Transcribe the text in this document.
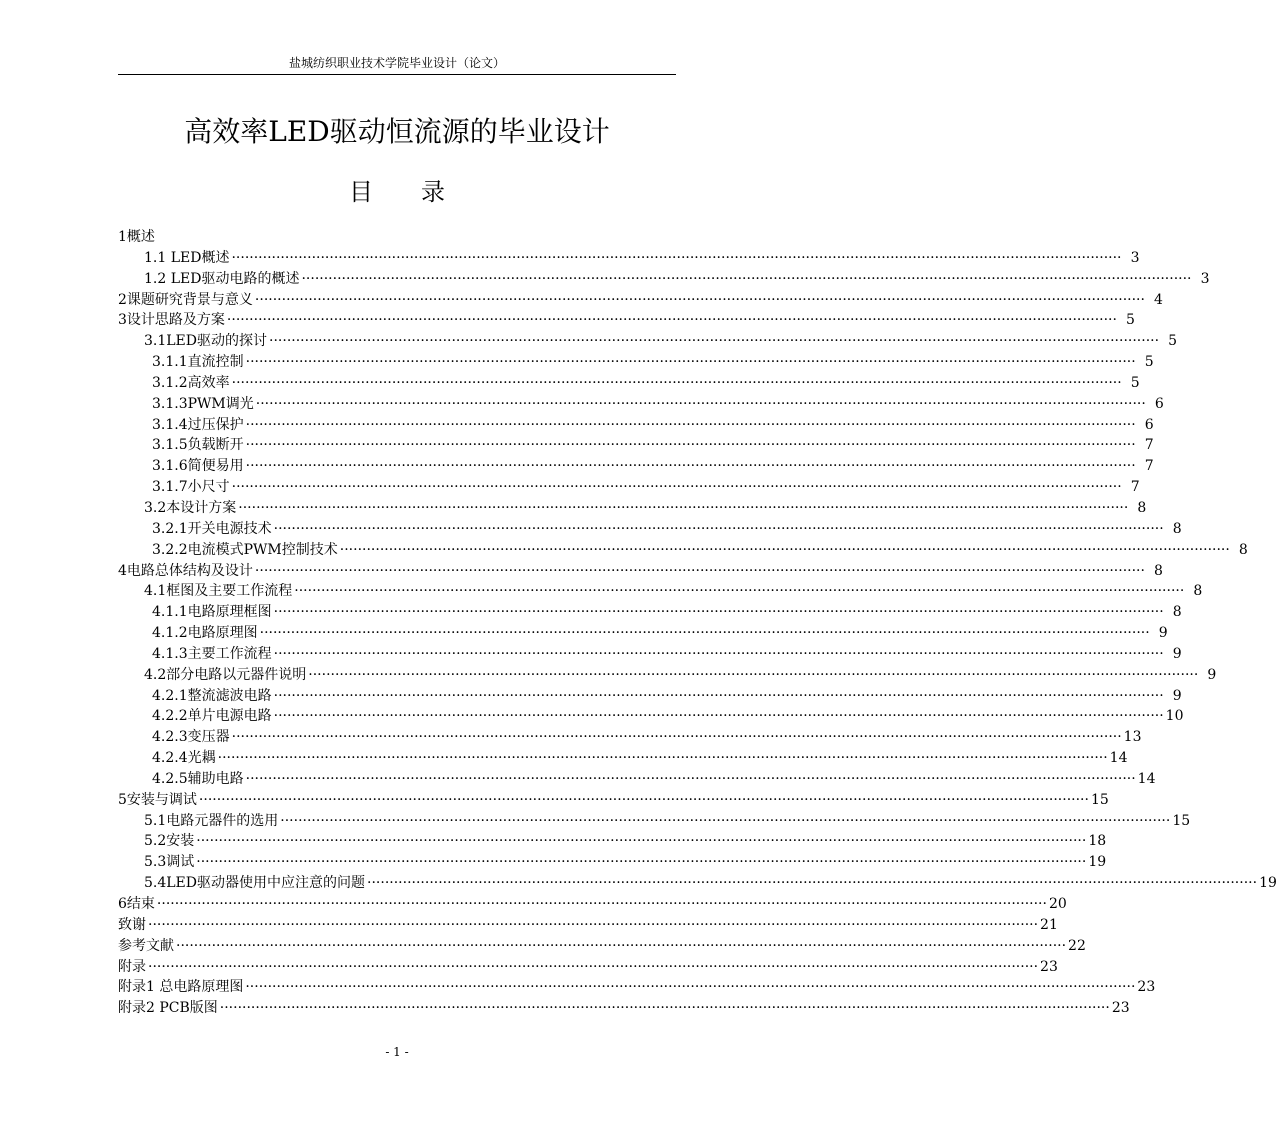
盐城纺织职业技术学院毕业设计（论文）
高效率LED驱动恒流源的毕业设计
目 录
1概述
1.1 LED概述 ········································································································································································································ 3
1.2 LED驱动电路的概述 ········································································································································································································ 3
2课题研究背景与意义 ········································································································································································································ 4
3设计思路及方案 ········································································································································································································ 5
3.1LED驱动的探讨 ········································································································································································································ 5
3.1.1直流控制 ········································································································································································································ 5
3.1.2高效率 ········································································································································································································ 5
3.1.3PWM调光 ········································································································································································································ 6
3.1.4过压保护 ········································································································································································································ 6
3.1.5负载断开 ········································································································································································································ 7
3.1.6简便易用 ········································································································································································································ 7
3.1.7小尺寸 ········································································································································································································ 7
3.2本设计方案 ········································································································································································································ 8
3.2.1开关电源技术 ········································································································································································································ 8
3.2.2电流模式PWM控制技术 ········································································································································································································ 8
4电路总体结构及设计 ········································································································································································································ 8
4.1框图及主要工作流程 ········································································································································································································ 8
4.1.1电路原理框图 ········································································································································································································ 8
4.1.2电路原理图 ········································································································································································································ 9
4.1.3主要工作流程 ········································································································································································································ 9
4.2部分电路以元器件说明 ········································································································································································································ 9
4.2.1整流滤波电路 ········································································································································································································ 9
4.2.2单片电源电路 ········································································································································································································ 10
4.2.3变压器 ········································································································································································································ 13
4.2.4光耦 ········································································································································································································ 14
4.2.5辅助电路 ········································································································································································································ 14
5安装与调试 ········································································································································································································ 15
5.1电路元器件的选用 ········································································································································································································ 15
5.2安装 ········································································································································································································ 18
5.3调试 ········································································································································································································ 19
5.4LED驱动器使用中应注意的问题 ········································································································································································································ 19
6结束 ········································································································································································································ 20
致谢 ········································································································································································································ 21
参考文献 ········································································································································································································ 22
附录 ········································································································································································································ 23
附录1 总电路原理图 ········································································································································································································ 23
附录2 PCB版图 ········································································································································································································ 23
- 1 -
